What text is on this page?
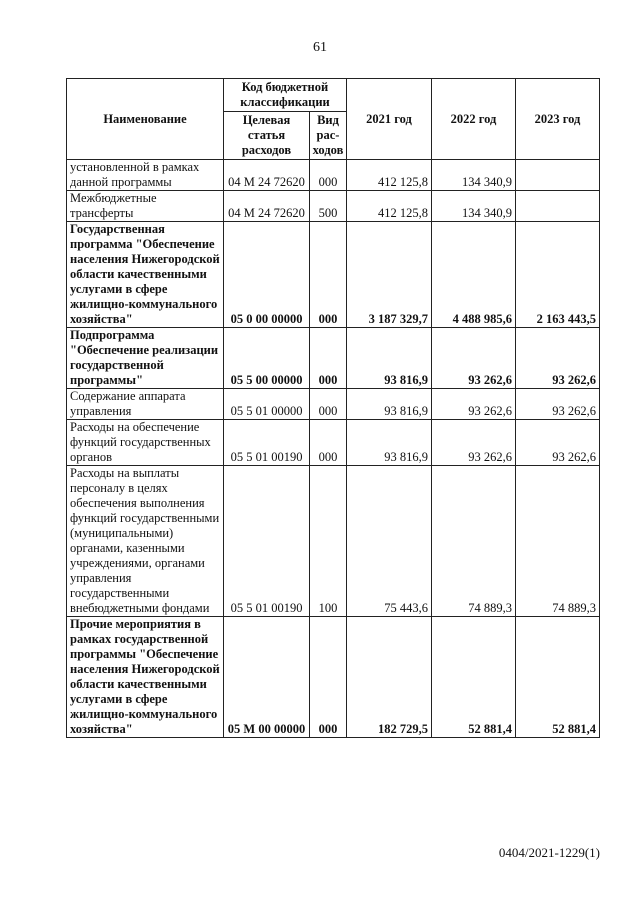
61
Наименование	Код бюджетной классификации		2021 год	2022 год	2023 год
	Целевая статья расходов	Вид рас-ходов			
установленной в рамках данной программы	04 М 24 72620	000	412 125,8	134 340,9	
Межбюджетные трансферты	04 М 24 72620	500	412 125,8	134 340,9	
Государственная программа "Обеспечение населения Нижегородской области качественными услугами в сфере жилищно-коммунального хозяйства"	05 0 00 00000	000	3 187 329,7	4 488 985,6	2 163 443,5
Подпрограмма "Обеспечение реализации государственной программы"	05 5 00 00000	000	93 816,9	93 262,6	93 262,6
Содержание аппарата управления	05 5 01 00000	000	93 816,9	93 262,6	93 262,6
Расходы на обеспечение функций государственных органов	05 5 01 00190	000	93 816,9	93 262,6	93 262,6
Расходы на выплаты персоналу в целях обеспечения выполнения функций государственными (муниципальными) органами, казенными учреждениями, органами управления государственными внебюджетными фондами	05 5 01 00190	100	75 443,6	74 889,3	74 889,3
Прочие мероприятия в рамках государственной программы "Обеспечение населения Нижегородской области качественными услугами в сфере жилищно-коммунального хозяйства"	05 М 00 00000	000	182 729,5	52 881,4	52 881,4
0404/2021-1229(1)
